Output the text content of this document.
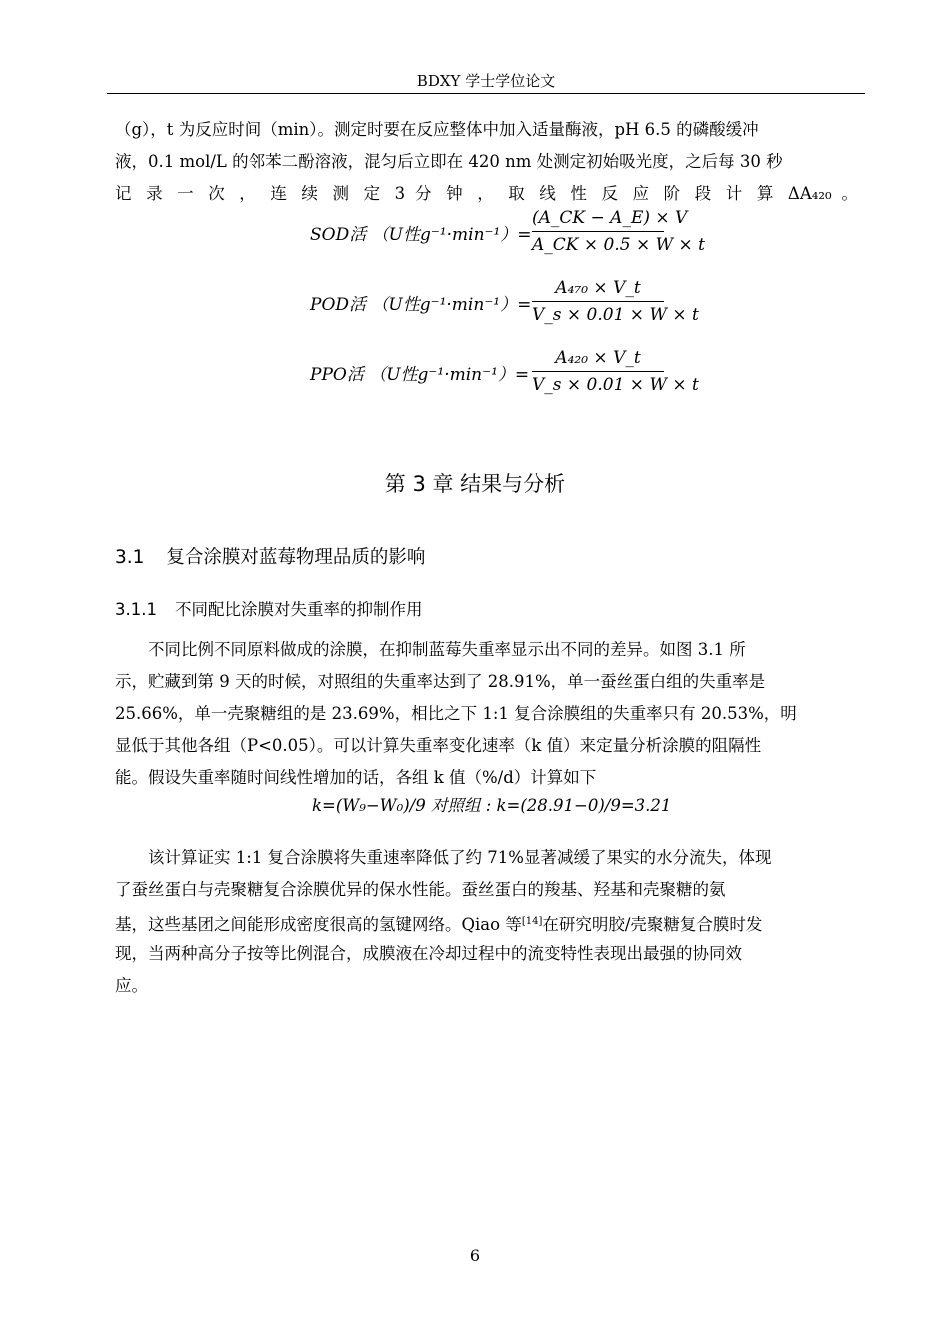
BDXY 学士学位论文
（g），t 为反应时间（min）。测定时要在反应整体中加入适量酶液，pH 6.5 的磷酸缓冲
液，0.1 mol/L 的邻苯二酚溶液，混匀后立即在 420 nm 处测定初始吸光度，之后每 30 秒
记 录 一 次 ， 连 续 测 定 3 分 钟 ， 取 线 性 反 应 阶 段 计 算 ΔA₄₂₀ 。
SOD活 （U性g⁻¹·min⁻¹）=
(A_CK − A_E) × V
A_CK × 0.5 × W × t
POD活 （U性g⁻¹·min⁻¹）=
A₄₇₀ × V_t
V_s × 0.01 × W × t
PPO活 （U性g⁻¹·min⁻¹）=
A₄₂₀ × V_t
V_s × 0.01 × W × t
第 3 章 结果与分析
3.1 复合涂膜对蓝莓物理品质的影响
3.1.1 不同配比涂膜对失重率的抑制作用
不同比例不同原料做成的涂膜，在抑制蓝莓失重率显示出不同的差异。如图 3.1 所
示，贮藏到第 9 天的时候，对照组的失重率达到了 28.91%，单一蚕丝蛋白组的失重率是
25.66%，单一壳聚糖组的是 23.69%，相比之下 1:1 复合涂膜组的失重率只有 20.53%，明
显低于其他各组（P<0.05）。可以计算失重率变化速率（k 值）来定量分析涂膜的阻隔性
能。假设失重率随时间线性增加的话，各组 k 值（%/d）计算如下
k=(W₉−W₀)/9 对照组 : k=(28.91−0)/9=3.21
该计算证实 1:1 复合涂膜将失重速率降低了约 71%显著减缓了果实的水分流失，体现
了蚕丝蛋白与壳聚糖复合涂膜优异的保水性能。蚕丝蛋白的羧基、羟基和壳聚糖的氨
基，这些基团之间能形成密度很高的氢键网络。Qiao 等[14]在研究明胶/壳聚糖复合膜时发
现，当两种高分子按等比例混合，成膜液在冷却过程中的流变特性表现出最强的协同效
应。
6
